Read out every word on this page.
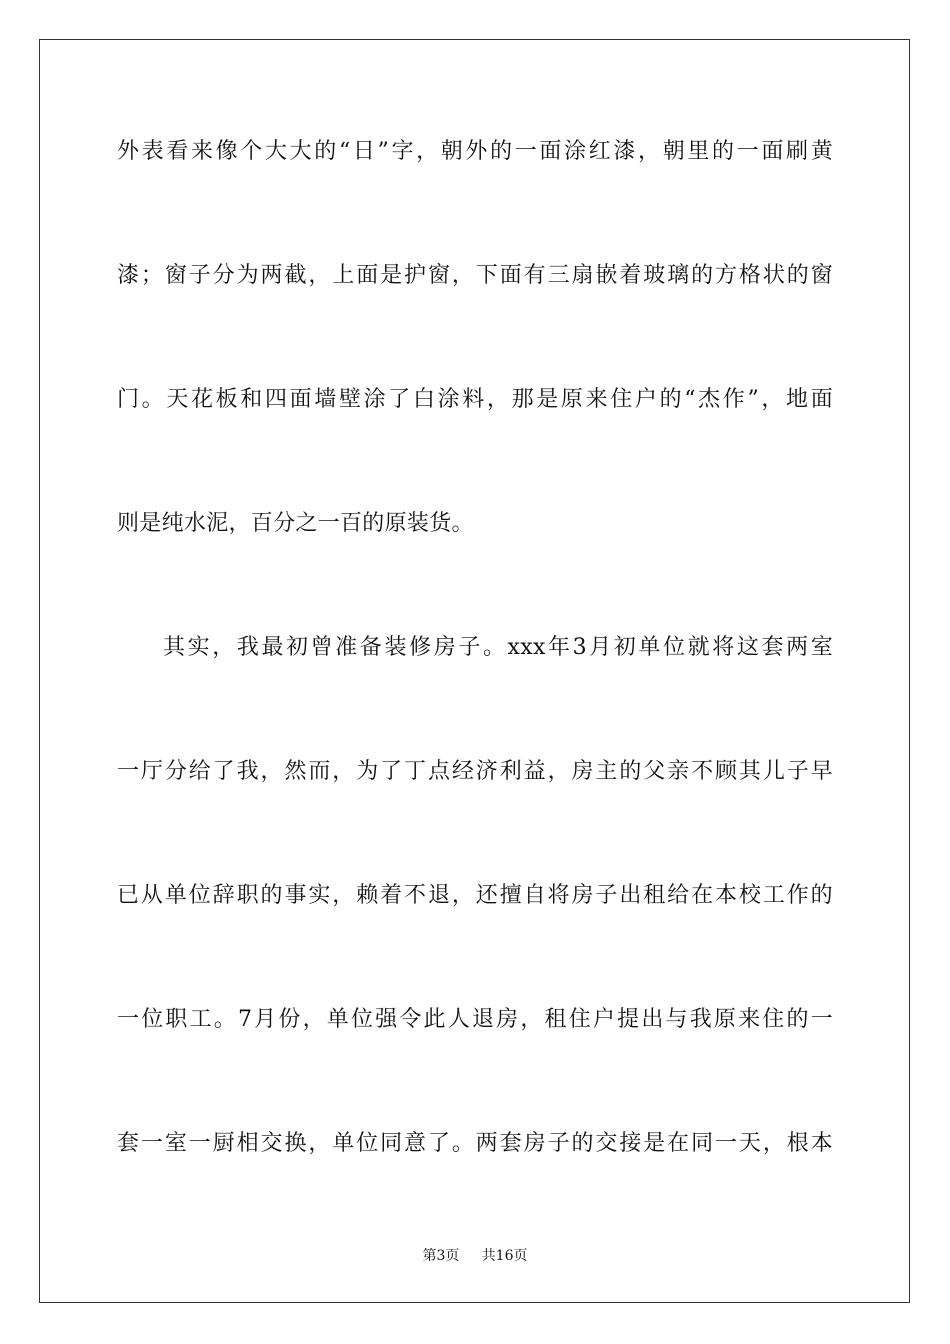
外表看来像个大大的“日”字，朝外的一面涂红漆，朝里的一面刷黄
漆；窗子分为两截，上面是护窗，下面有三扇嵌着玻璃的方格状的窗
门。天花板和四面墙壁涂了白涂料，那是原来住户的“杰作”，地面
则是纯水泥，百分之一百的原装货。
其实，我最初曾准备装修房子。xxx年3月初单位就将这套两室
一厅分给了我，然而，为了丁点经济利益，房主的父亲不顾其儿子早
已从单位辞职的事实，赖着不退，还擅自将房子出租给在本校工作的
一位职工。7月份，单位强令此人退房，租住户提出与我原来住的一
套一室一厨相交换，单位同意了。两套房子的交接是在同一天，根本
第3页 共16页
